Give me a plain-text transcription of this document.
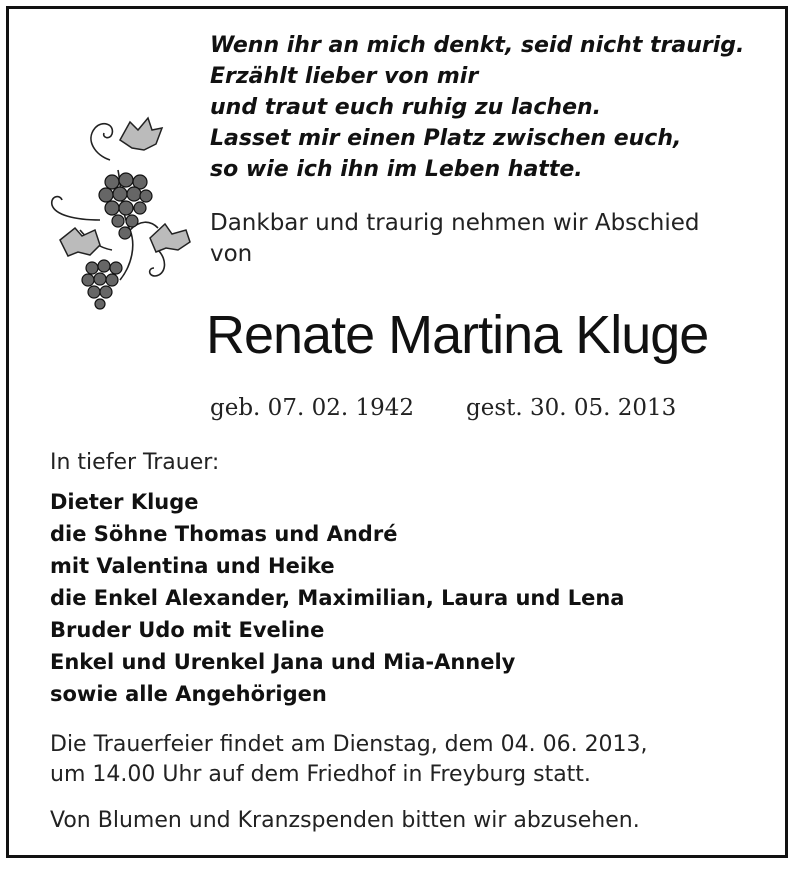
Wenn ihr an mich denkt, seid nicht traurig.
Erzählt lieber von mir
und traut euch ruhig zu lachen.
Lasset mir einen Platz zwischen euch,
so wie ich ihn im Leben hatte.
Dankbar und traurig nehmen wir Abschied
von
Renate Martina Kluge
geb. 07. 02. 1942 gest. 30. 05. 2013
In tiefer Trauer:
Dieter Kluge
die Söhne Thomas und André
mit Valentina und Heike
die Enkel Alexander, Maximilian, Laura und Lena
Bruder Udo mit Eveline
Enkel und Urenkel Jana und Mia-Annely
sowie alle Angehörigen
Die Trauerfeier findet am Dienstag, dem 04. 06. 2013,
um 14.00 Uhr auf dem Friedhof in Freyburg statt.
Von Blumen und Kranzspenden bitten wir abzusehen.
